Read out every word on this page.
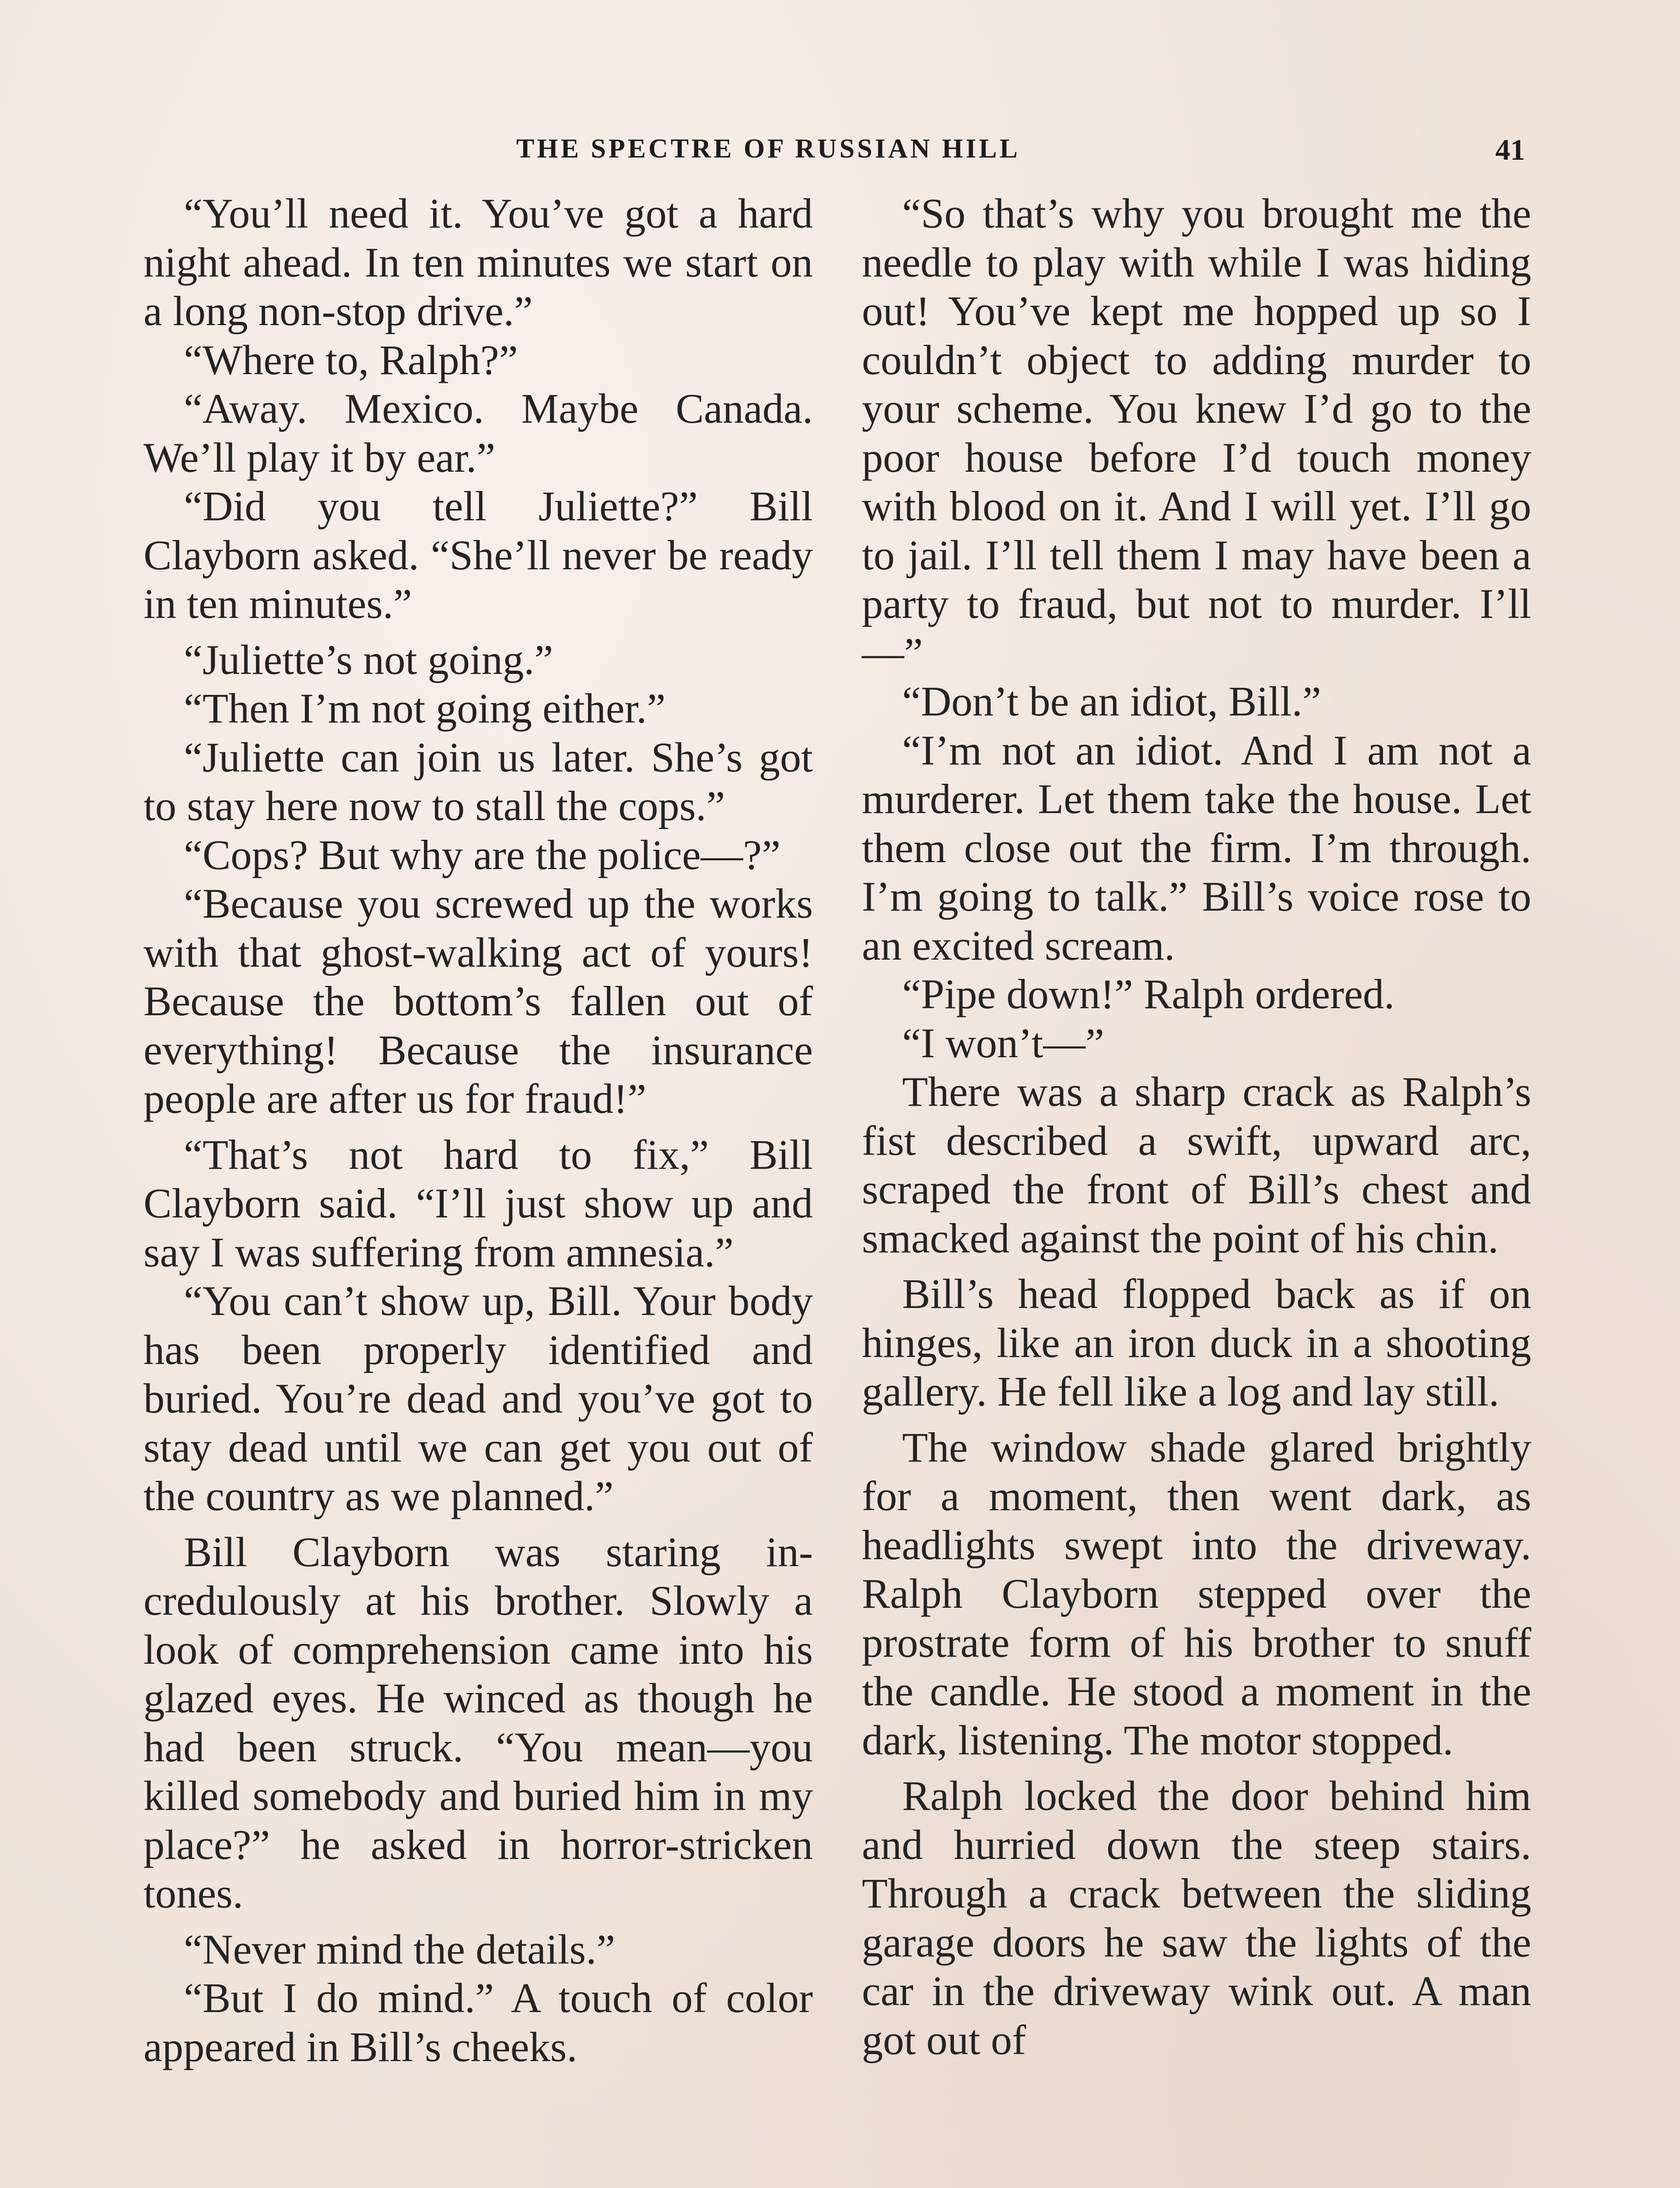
THE SPECTRE OF RUSSIAN HILL	41

“You’ll need it. You’ve got a hard night ahead. In ten minutes we start on a long non-stop drive.”

“Where to, Ralph?”

“Away. Mexico. Maybe Canada. We’ll play it by ear.”

“Did you tell Juliette?” Bill Clayborn asked. “She’ll never be ready in ten minutes.”

“Juliette’s not going.”

“Then I’m not going either.”

“Juliette can join us later. She’s got to stay here now to stall the cops.”

“Cops? But why are the police—?”

“Because you screwed up the works with that ghost-walking act of yours! Because the bottom’s fallen out of everything! Because the insurance people are after us for fraud!”

“That’s not hard to fix,” Bill Clayborn said. “I’ll just show up and say I was suffering from amnesia.”

“You can’t show up, Bill. Your body has been properly identified and buried. You’re dead and you’ve got to stay dead until we can get you out of the country as we planned.”

Bill Clayborn was staring incredulously at his brother. Slowly a look of comprehension came into his glazed eyes. He winced as though he had been struck. “You mean—you killed somebody and buried him in my place?” he asked in horror-stricken tones.

“Never mind the details.”

“But I do mind.” A touch of color appeared in Bill’s cheeks.

“So that’s why you brought me the needle to play with while I was hiding out! You’ve kept me hopped up so I couldn’t object to adding murder to your scheme. You knew I’d go to the poor house before I’d touch money with blood on it. And I will yet. I’ll go to jail. I’ll tell them I may have been a party to fraud, but not to murder. I’ll—”

“Don’t be an idiot, Bill.”

“I’m not an idiot. And I am not a murderer. Let them take the house. Let them close out the firm. I’m through. I’m going to talk.” Bill’s voice rose to an excited scream.

“Pipe down!” Ralph ordered.

“I won’t—”

There was a sharp crack as Ralph’s fist described a swift, upward arc, scraped the front of Bill’s chest and smacked against the point of his chin.

Bill’s head flopped back as if on hinges, like an iron duck in a shooting gallery. He fell like a log and lay still.

The window shade glared brightly for a moment, then went dark, as headlights swept into the driveway. Ralph Clayborn stepped over the prostrate form of his brother to snuff the candle. He stood a moment in the dark, listening. The motor stopped.

Ralph locked the door behind him and hurried down the steep stairs. Through a crack between the sliding garage doors he saw the lights of the car in the driveway wink out. A man got out of
